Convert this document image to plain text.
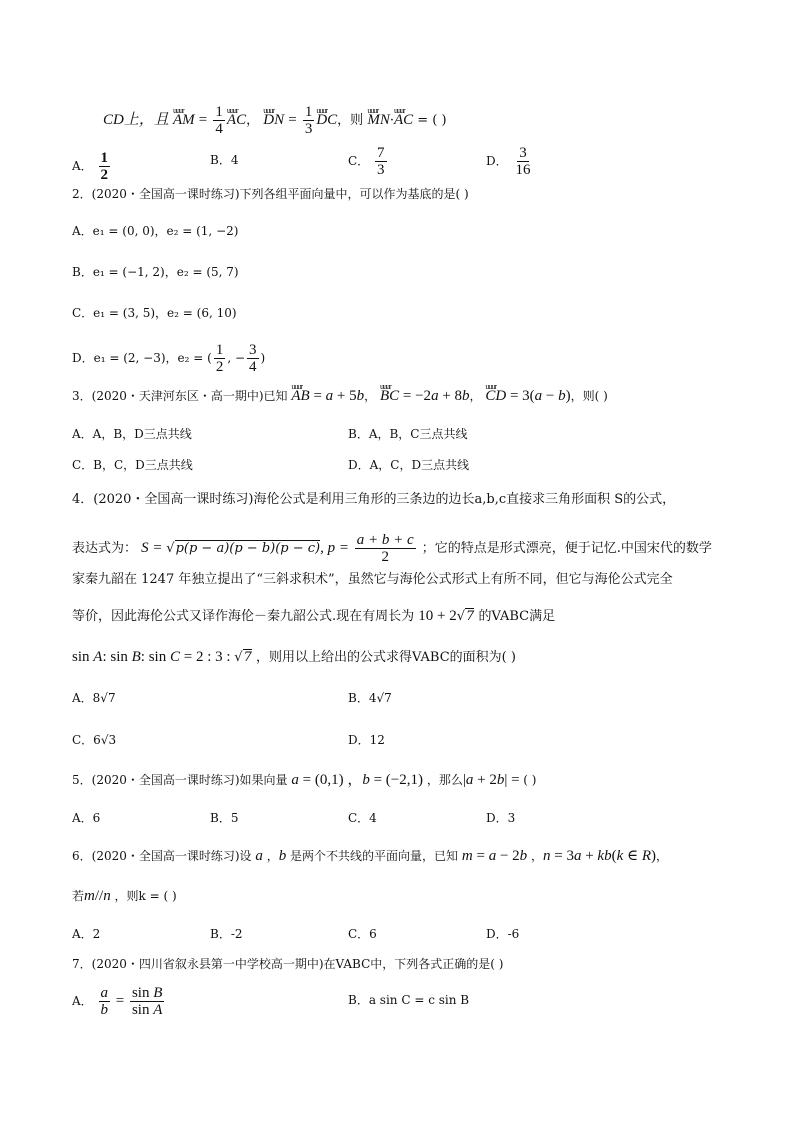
CD上，且 uuur AM = $\frac{1}{4}$ uuur AC， uuur DN = $\frac{1}{3}$ uuur DC，则 uuur MN·uuur AC = ( )
A． $\frac{1}{2}$	B．4	C． $\frac{7}{3}$	D． $\frac{3}{16}$
2．(2020・全国高一课时练习)下列各组平面向量中，可以作为基底的是( )
A．e₁ = (0, 0)，e₂ = (1, −2)
B．e₁ = (−1, 2)，e₂ = (5, 7)
C．e₁ = (3, 5)，e₂ = (6, 10)
D．e₁ = (2, −3)，e₂ = ( $\frac{1}{2}$ , − $\frac{3}{4}$ )
3．(2020・天津河东区・高一期中)已知 uuur AB = a + 5b， uuur BC = −2a + 8b， uuur CD = 3(a − b)，则( )
A．A，B，D三点共线	B．A，B，C三点共线
C．B，C，D三点共线	D．A，C，D三点共线
4．(2020・全国高一课时练习)海伦公式是利用三角形的三条边的边长a,b,c直接求三角形面积 S的公式，
表达式为： S = √p(p − a)(p − b)(p − c), $p = \frac{a + b + c}{2}$ ；它的特点是形式漂亮，便于记忆.中国宋代的数学
家秦九韶在 1247 年独立提出了“三斜求积术”，虽然它与海伦公式形式上有所不同，但它与海伦公式完全
等价，因此海伦公式又译作海伦－秦九韶公式.现在有周长为 10 + 2√7 的VABC满足
sin A: sin B: sin C = 2 : 3 : √7 ，则用以上给出的公式求得VABC的面积为( )
A．8√7	B．4√7
C．6√3	D．12
5．(2020・全国高一课时练习)如果向量 a = (0,1) ，b = (−2,1) ，那么|a + 2b| = ( )
A．6	B．5	C．4	D．3
6．(2020・全国高一课时练习)设 a ，b 是两个不共线的平面向量，已知 m = a − 2b ，n = 3a + kb(k ∈ R)，
若m//n ，则k = ( )
A．2	B．-2	C．6	D．-6
7．(2020・四川省叙永县第一中学校高一期中)在VABC中，下列各式正确的是( )
A． $\frac{a}{b} = \frac{\text{sin B}}{\text{sin A}}$	B．a sin C = c sin B
